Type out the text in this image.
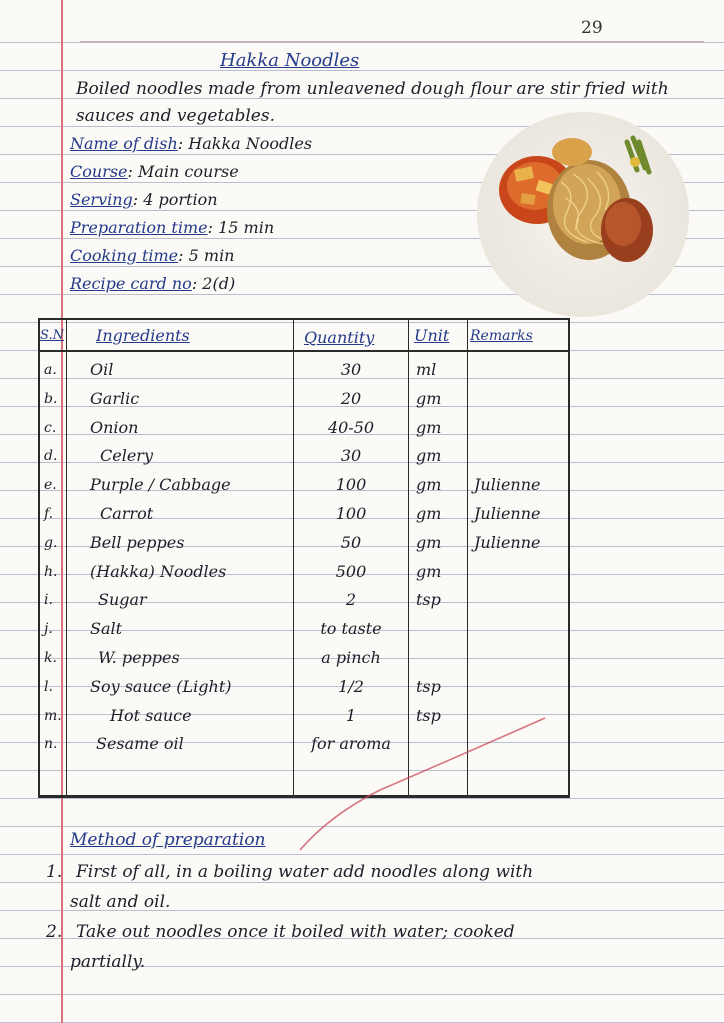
29
Hakka Noodles
Boiled noodles made from unleavened dough flour are stir fried with sauces and vegetables.
Name of dish: Hakka Noodles
Course: Main course
Serving: 4 portion
Preparation time: 15 min
Cooking time: 5 min
Recipe card no: 2(d)
S.N Ingredients	Quantity Unit Remarks
a. Oil	30	ml
b. Garlic	20	gm
c. Onion	40-50	gm
d.	Celery	30	gm
e. Purple / Cabbage	100	gm Julienne
f.	Carrot	100	gm Julienne
g. Bell peppes	50	gm Julienne
h. (Hakka) Noodles	500	gm
i.	Sugar	2	tsp
j. Salt	to taste
k.	W. peppes	a pinch
l. Soy sauce (Light)	1/2	tsp
m.	Hot sauce	1	tsp
n. Sesame oil	for aroma
Method of preparation
1. First of all, in a boiling water add noodles along with
salt and oil.
2. Take out noodles once it boiled with water; cooked
partially.
